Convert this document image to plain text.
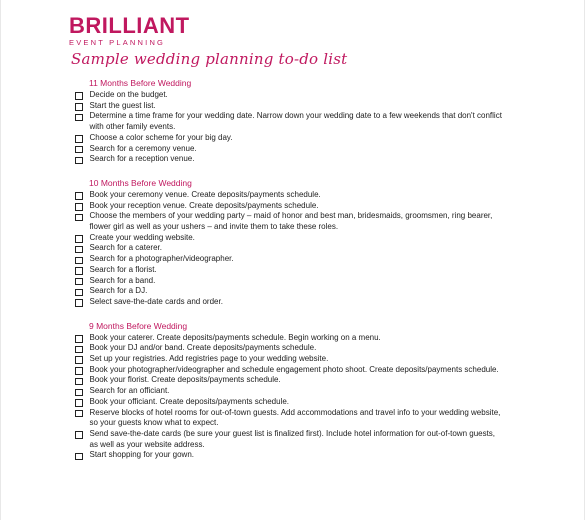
BRILLIANT
EVENT PLANNING
Sample wedding planning to-do list
11 Months Before Wedding
Decide on the budget.
Start the guest list.
Determine a time frame for your wedding date. Narrow down your wedding date to a few weekends that don't conflict with other family events.
Choose a color scheme for your big day.
Search for a ceremony venue.
Search for a reception venue.
10 Months Before Wedding
Book your ceremony venue. Create deposits/payments schedule.
Book your reception venue. Create deposits/payments schedule.
Choose the members of your wedding party – maid of honor and best man, bridesmaids, groomsmen, ring bearer, flower girl as well as your ushers – and invite them to take these roles.
Create your wedding website.
Search for a caterer.
Search for a photographer/videographer.
Search for a florist.
Search for a band.
Search for a DJ.
Select save-the-date cards and order.
9 Months Before Wedding
Book your caterer. Create deposits/payments schedule. Begin working on a menu.
Book your DJ and/or band. Create deposits/payments schedule.
Set up your registries. Add registries page to your wedding website.
Book your photographer/videographer and schedule engagement photo shoot. Create deposits/payments schedule.
Book your florist. Create deposits/payments schedule.
Search for an officiant.
Book your officiant. Create deposits/payments schedule.
Reserve blocks of hotel rooms for out-of-town guests. Add accommodations and travel info to your wedding website, so your guests know what to expect.
Send save-the-date cards (be sure your guest list is finalized first). Include hotel information for out-of-town guests, as well as your website address.
Start shopping for your gown.
